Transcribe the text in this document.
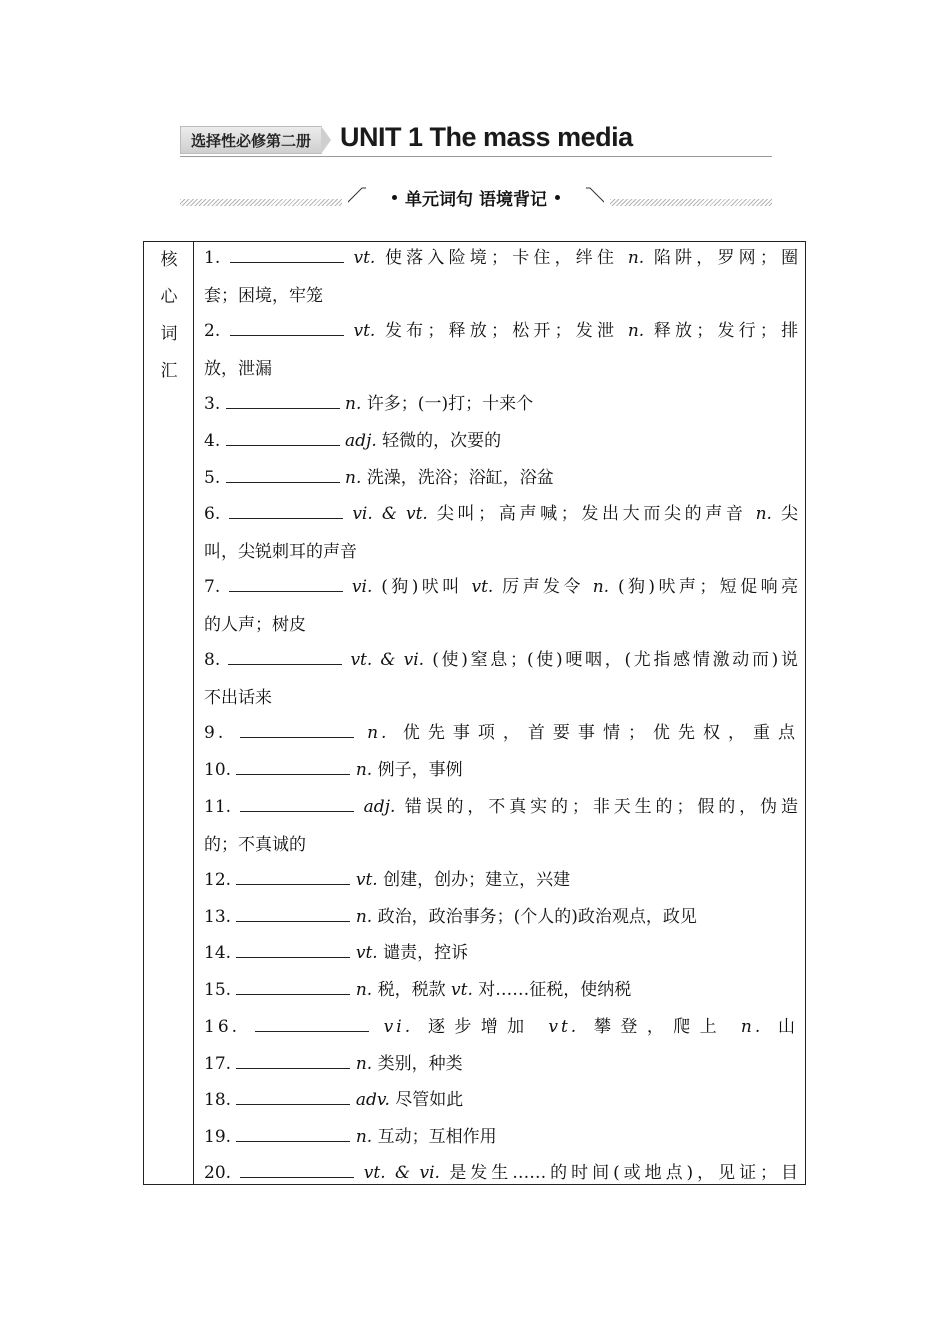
选择性必修第二册	UNIT 1 The mass media
单元词句 语境背记
核
心
词
汇
1.	vt. 使落入险境；卡住，绊住 n. 陷阱，罗网；圈
套；困境，牢笼
2.	vt. 发布；释放；松开；发泄 n. 释放；发行；排
放，泄漏
3.	n. 许多；(一)打；十来个
4.	adj. 轻微的，次要的
5.	n. 洗澡，洗浴；浴缸，浴盆
6.	vi. & vt. 尖叫；高声喊；发出大而尖的声音 n. 尖
叫，尖锐刺耳的声音
7.	vi. (狗)吠叫 vt. 厉声发令 n. (狗)吠声；短促响亮
的人声；树皮
8.	vt. & vi. (使)窒息；(使)哽咽，(尤指感情激动而)说
不出话来
9.	n. 优先事项，首要事情；优先权，重点
10.	n. 例子，事例
11.	adj. 错误的，不真实的；非天生的；假的，伪造
的；不真诚的
12.	vt. 创建，创办；建立，兴建
13.	n. 政治，政治事务；(个人的)政治观点，政见
14.	vt. 谴责，控诉
15.	n. 税，税款 vt. 对……征税，使纳税
16.	vi. 逐步增加 vt. 攀登，爬上 n. 山
17.	n. 类别，种类
18.	adv. 尽管如此
19.	n. 互动；互相作用
20.	vt. & vi. 是发生……的时间(或地点)，见证；目
